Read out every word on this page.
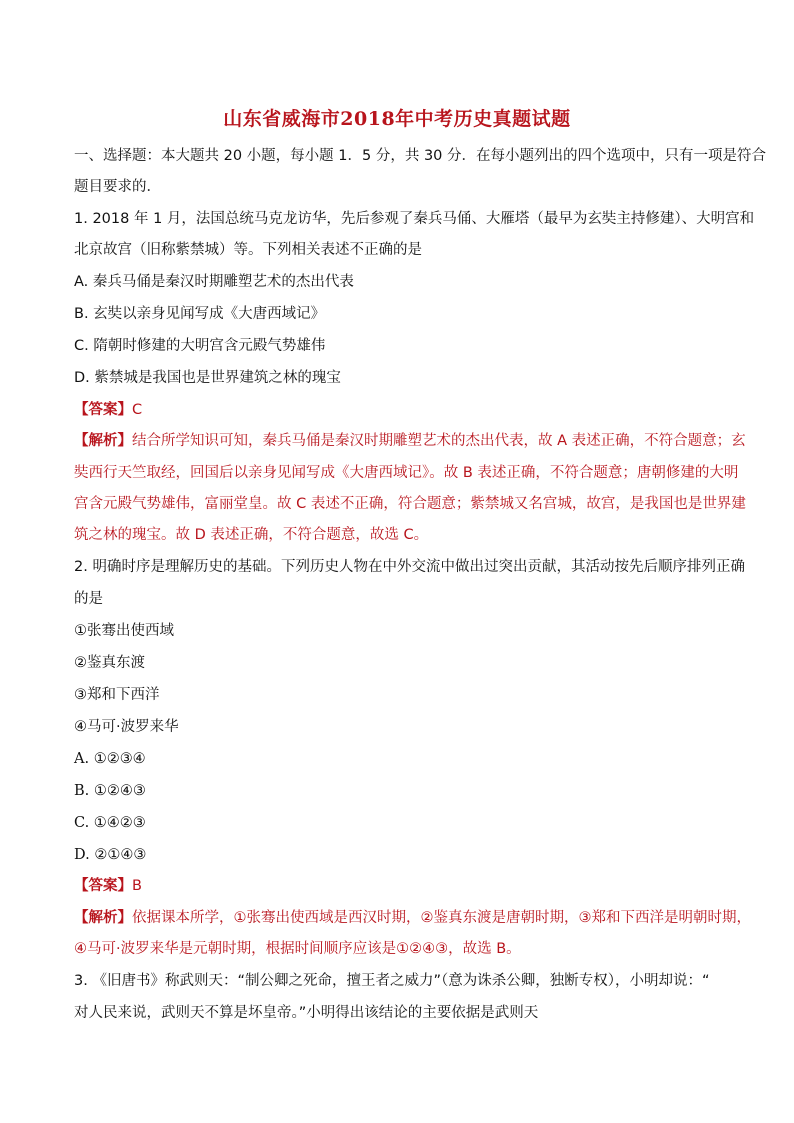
山东省威海市2018年中考历史真题试题
一、选择题：本大题共 20 小题，每小题 1．5 分，共 30 分．在每小题列出的四个选项中，只有一项是符合
题目要求的．
1. 2018 年 1 月，法国总统马克龙访华，先后参观了秦兵马俑、大雁塔（最早为玄奘主持修建）、大明宫和
北京故宫（旧称紫禁城）等。下列相关表述不正确的是
A. 秦兵马俑是秦汉时期雕塑艺术的杰出代表
B. 玄奘以亲身见闻写成《大唐西域记》
C. 隋朝时修建的大明宫含元殿气势雄伟
D. 紫禁城是我国也是世界建筑之林的瑰宝
【答案】C
【解析】结合所学知识可知，秦兵马俑是秦汉时期雕塑艺术的杰出代表，故 A 表述正确，不符合题意；玄
奘西行天竺取经，回国后以亲身见闻写成《大唐西域记》。故 B 表述正确，不符合题意；唐朝修建的大明
宫含元殿气势雄伟，富丽堂皇。故 C 表述不正确，符合题意；紫禁城又名宫城，故宫，是我国也是世界建
筑之林的瑰宝。故 D 表述正确，不符合题意，故选 C。
2. 明确时序是理解历史的基础。下列历史人物在中外交流中做出过突出贡献，其活动按先后顺序排列正确
的是
①张骞出使西域
②鉴真东渡
③郑和下西洋
④马可·波罗来华
A. ①②③④
B. ①②④③
C. ①④②③
D. ②①④③
【答案】B
【解析】依据课本所学，①张骞出使西域是西汉时期，②鉴真东渡是唐朝时期，③郑和下西洋是明朝时期，
④马可·波罗来华是元朝时期，根据时间顺序应该是①②④③，故选 B。
3. 《旧唐书》称武则天：“制公卿之死命，擅王者之威力”（意为诛杀公卿，独断专权），小明却说：“
对人民来说，武则天不算是坏皇帝。”小明得出该结论的主要依据是武则天
